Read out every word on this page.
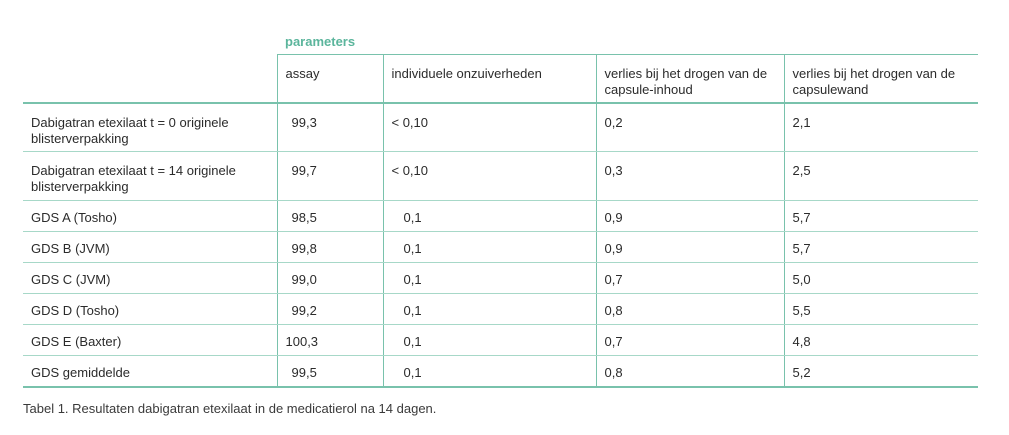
parameters
	assay	individuele onzuiverheden	verlies bij het drogen van de capsule-inhoud	verlies bij het drogen van de capsulewand
Dabigatran etexilaat t = 0 originele blisterverpakking	99,3	< 0,10	0,2	2,1
Dabigatran etexilaat t = 14 originele blisterverpakking	99,7	< 0,10	0,3	2,5
GDS A (Tosho)	98,5	0,1	0,9	5,7
GDS B (JVM)	99,8	0,1	0,9	5,7
GDS C (JVM)	99,0	0,1	0,7	5,0
GDS D (Tosho)	99,2	0,1	0,8	5,5
GDS E (Baxter)	100,3	0,1	0,7	4,8
GDS gemiddelde	99,5	0,1	0,8	5,2
Tabel 1. Resultaten dabigatran etexilaat in de medicatierol na 14 dagen.
